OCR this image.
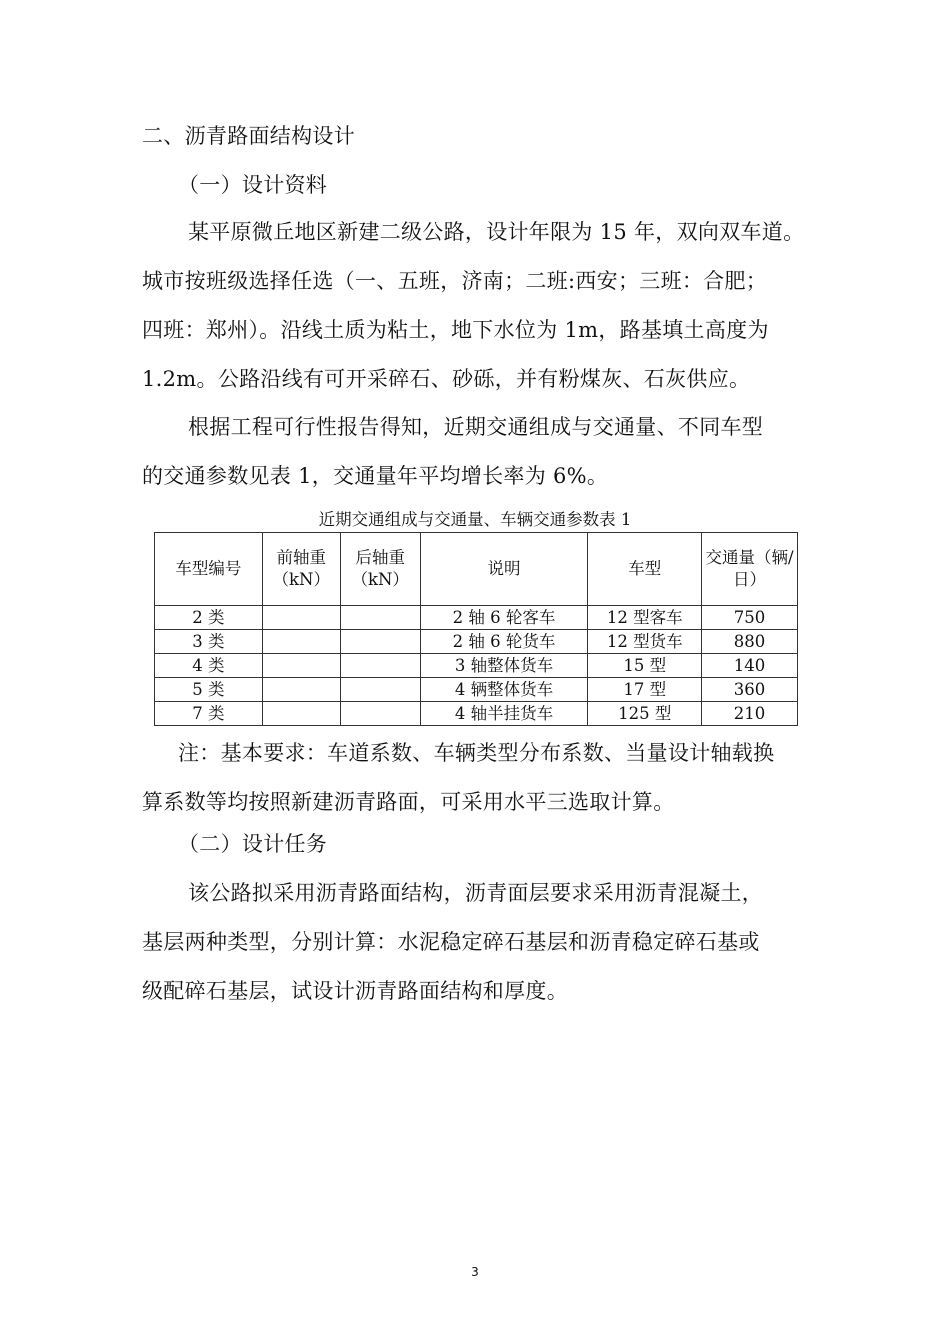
二、沥青路面结构设计
（一）设计资料
某平原微丘地区新建二级公路，设计年限为 15 年，双向双车道。
城市按班级选择任选（一、五班，济南；二班:西安；三班：合肥；
四班：郑州）。沿线土质为粘土，地下水位为 1m，路基填土高度为
1.2m。公路沿线有可开采碎石、砂砾，并有粉煤灰、石灰供应。
根据工程可行性报告得知，近期交通组成与交通量、不同车型
的交通参数见表 1，交通量年平均增长率为 6%。
近期交通组成与交通量、车辆交通参数表 1
车型编号	前轴重（kN）	后轴重（kN）	说明	车型	交通量（辆/日）
2 类			2 轴 6 轮客车	12 型客车	750
3 类			2 轴 6 轮货车	12 型货车	880
4 类			3 轴整体货车	15 型	140
5 类			4 辆整体货车	17 型	360
7 类			4 轴半挂货车	125 型	210
注：基本要求：车道系数、车辆类型分布系数、当量设计轴载换
算系数等均按照新建沥青路面，可采用水平三选取计算。
（二）设计任务
该公路拟采用沥青路面结构，沥青面层要求采用沥青混凝土，
基层两种类型，分别计算：水泥稳定碎石基层和沥青稳定碎石基或
级配碎石基层，试设计沥青路面结构和厚度。
3
